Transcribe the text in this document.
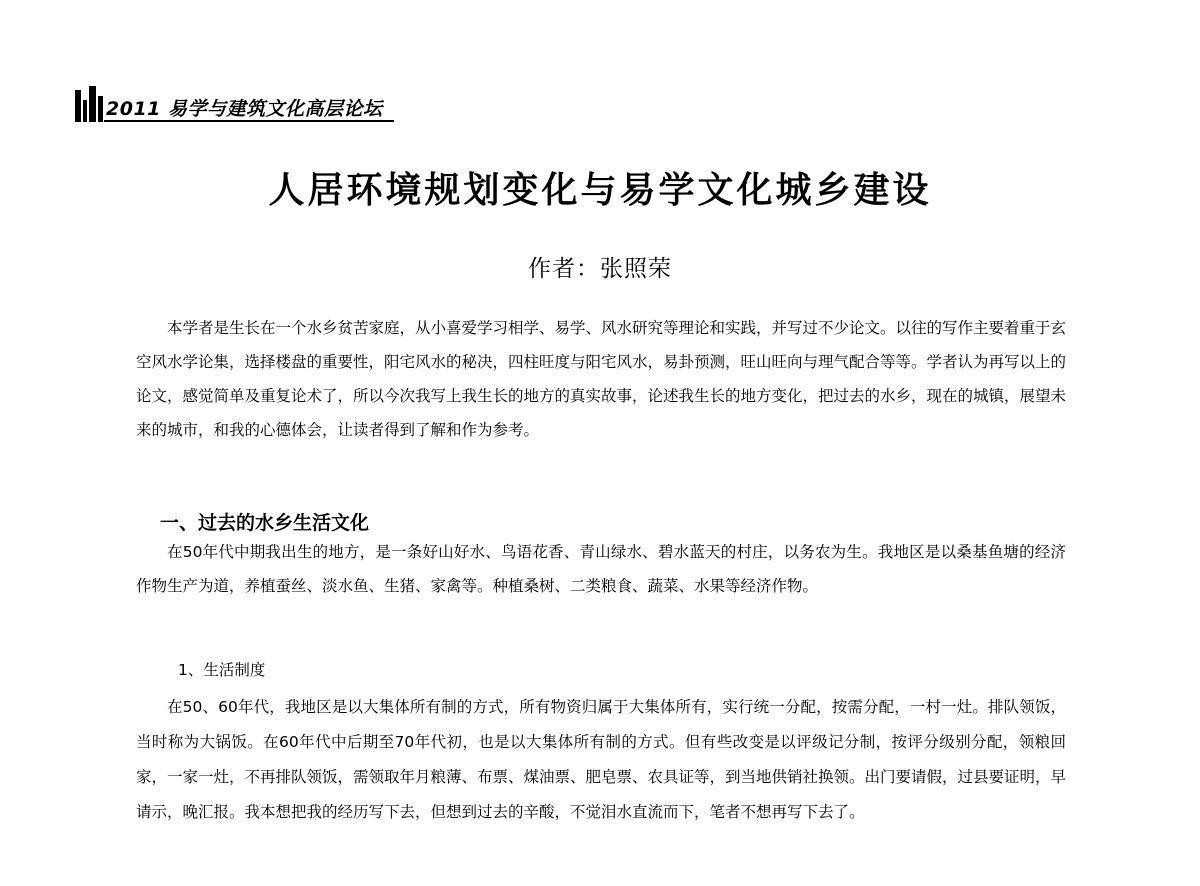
2011 易学与建筑文化高层论坛
人居环境规划变化与易学文化城乡建设
作者：张照荣

本学者是生长在一个水乡贫苦家庭，从小喜爱学习相学、易学、风水研究等理论和实践，并写过不少论文。以往的写作主要着重于玄空风水学论集，选择楼盘的重要性，阳宅风水的秘决，四柱旺度与阳宅风水，易卦预测，旺山旺向与理气配合等等。学者认为再写以上的论文，感觉简单及重复论术了，所以今次我写上我生长的地方的真实故事，论述我生长的地方变化，把过去的水乡，现在的城镇，展望未来的城市，和我的心德体会，让读者得到了解和作为参考。

一、过去的水乡生活文化

在50年代中期我出生的地方，是一条好山好水、鸟语花香、青山绿水、碧水蓝天的村庄，以务农为生。我地区是以桑基鱼塘的经济作物生产为道，养植蚕丝、淡水鱼、生猪、家禽等。种植桑树、二类粮食、蔬菜、水果等经济作物。

1、生活制度

在50、60年代，我地区是以大集体所有制的方式，所有物资归属于大集体所有，实行统一分配，按需分配，一村一灶。排队领饭，当时称为大锅饭。在60年代中后期至70年代初，也是以大集体所有制的方式。但有些改变是以评级记分制，按评分级别分配，领粮回家，一家一灶，不再排队领饭，需领取年月粮薄、布票、煤油票、肥皂票、农具证等，到当地供销社换领。出门要请假，过县要证明，早请示，晚汇报。我本想把我的经历写下去，但想到过去的辛酸，不觉泪水直流而下，笔者不想再写下去了。
